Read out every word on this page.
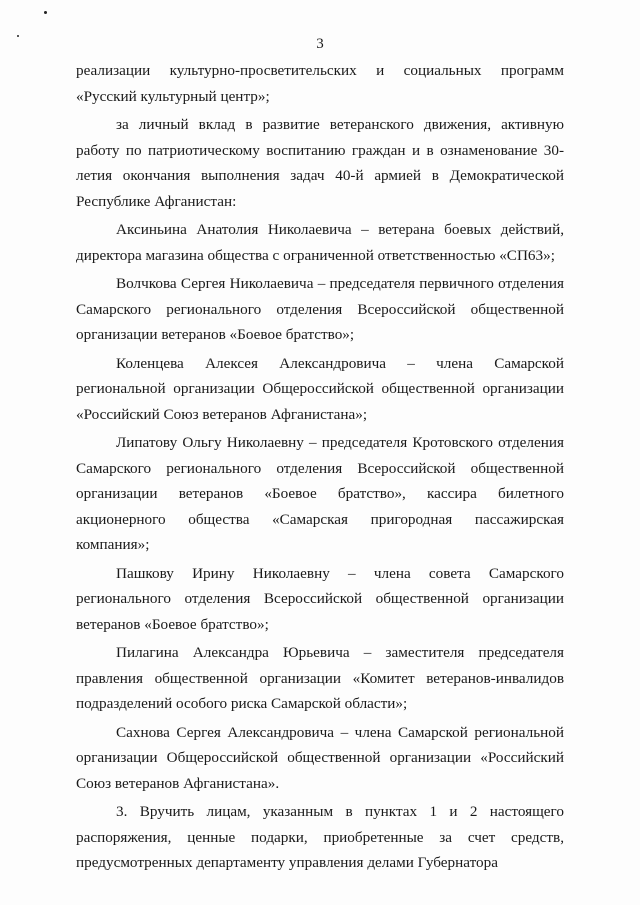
3

реализации культурно-просветительских и социальных программ «Русский культурный центр»;

за личный вклад в развитие ветеранского движения, активную работу по патриотическому воспитанию граждан и в ознаменование 30-летия окончания выполнения задач 40-й армией в Демократической Республике Афганистан:

Аксиньина Анатолия Николаевича – ветерана боевых действий, директора магазина общества с ограниченной ответственностью «СП63»;

Волчкова Сергея Николаевича – председателя первичного отделения Самарского регионального отделения Всероссийской общественной организации ветеранов «Боевое братство»;

Коленцева Алексея Александровича – члена Самарской региональной организации Общероссийской общественной организации «Российский Союз ветеранов Афганистана»;

Липатову Ольгу Николаевну – председателя Кротовского отделения Самарского регионального отделения Всероссийской общественной организации ветеранов «Боевое братство», кассира билетного акционерного общества «Самарская пригородная пассажирская компания»;

Пашкову Ирину Николаевну – члена совета Самарского регионального отделения Всероссийской общественной организации ветеранов «Боевое братство»;

Пилагина Александра Юрьевича – заместителя председателя правления общественной организации «Комитет ветеранов-инвалидов подразделений особого риска Самарской области»;

Сахнова Сергея Александровича – члена Самарской региональной организации Общероссийской общественной организации «Российский Союз ветеранов Афганистана».

3. Вручить лицам, указанным в пунктах 1 и 2 настоящего распоряжения, ценные подарки, приобретенные за счет средств, предусмотренных департаменту управления делами Губернатора
